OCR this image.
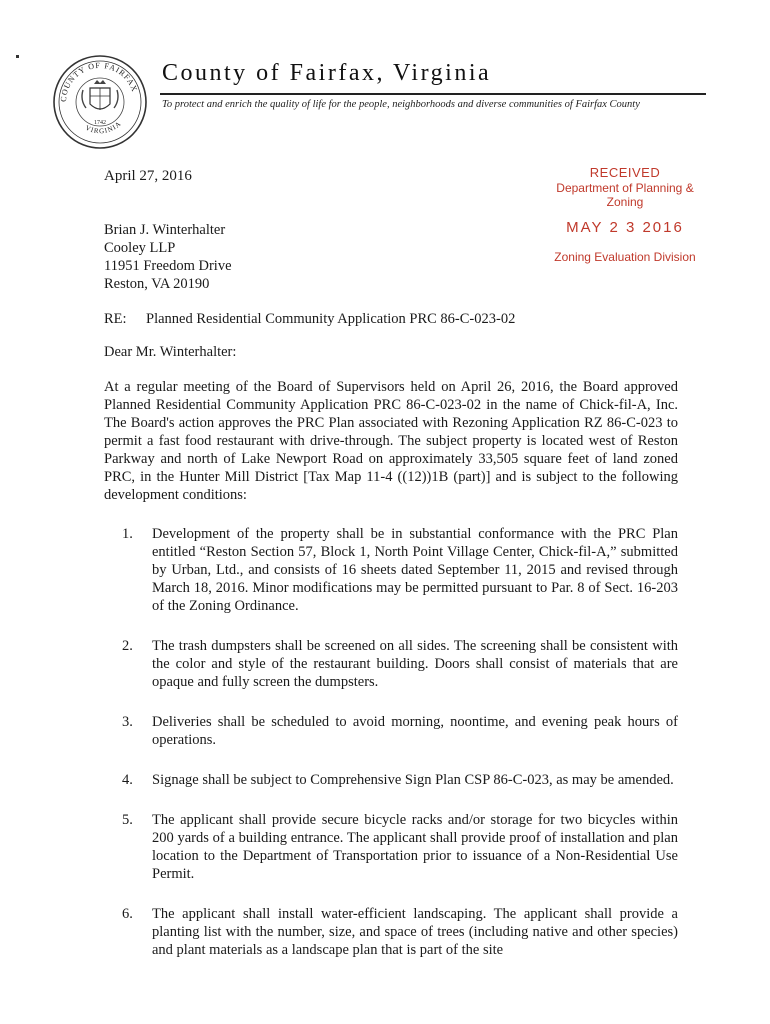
COUNTY OF FAIRFAX
VIRGINIA
1742
County of Fairfax, Virginia
To protect and enrich the quality of life for the people, neighborhoods and diverse communities of Fairfax County
April 27, 2016	RECEIVED
Department of Planning & Zoning
MAY 2 3 2016
Zoning Evaluation Division
Brian J. Winterhalter
Cooley LLP
11951 Freedom Drive
Reston, VA 20190
RE: Planned Residential Community Application PRC 86-C-023-02
Dear Mr. Winterhalter:

At a regular meeting of the Board of Supervisors held on April 26, 2016, the Board approved Planned Residential Community Application PRC 86-C-023-02 in the name of Chick-fil-A, Inc. The Board's action approves the PRC Plan associated with Rezoning Application RZ 86-C-023 to permit a fast food restaurant with drive-through. The subject property is located west of Reston Parkway and north of Lake Newport Road on approximately 33,505 square feet of land zoned PRC, in the Hunter Mill District [Tax Map 11-4 ((12))1B (part)] and is subject to the following development conditions:

1. Development of the property shall be in substantial conformance with the PRC Plan entitled “Reston Section 57, Block 1, North Point Village Center, Chick-fil-A,” submitted by Urban, Ltd., and consists of 16 sheets dated September 11, 2015 and revised through March 18, 2016. Minor modifications may be permitted pursuant to Par. 8 of Sect. 16-203 of the Zoning Ordinance.
2. The trash dumpsters shall be screened on all sides. The screening shall be consistent with the color and style of the restaurant building. Doors shall consist of materials that are opaque and fully screen the dumpsters.
3. Deliveries shall be scheduled to avoid morning, noontime, and evening peak hours of operations.
4. Signage shall be subject to Comprehensive Sign Plan CSP 86-C-023, as may be amended.
5. The applicant shall provide secure bicycle racks and/or storage for two bicycles within 200 yards of a building entrance. The applicant shall provide proof of installation and plan location to the Department of Transportation prior to issuance of a Non-Residential Use Permit.
6. The applicant shall install water-efficient landscaping. The applicant shall provide a planting list with the number, size, and space of trees (including native and other species) and plant materials as a landscape plan that is part of the site
